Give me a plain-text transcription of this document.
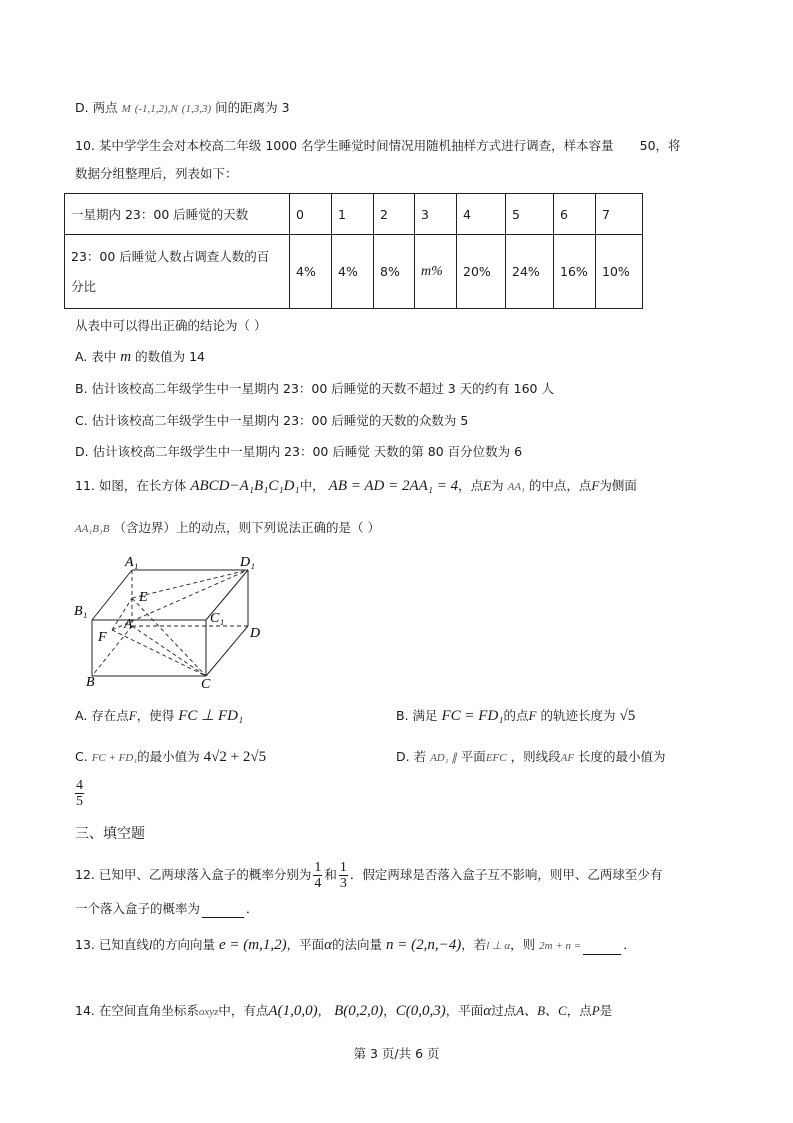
D. 两点 M (-1,1,2),N (1,3,3) 间的距离为 3
10. 某中学学生会对本校高二年级 1000 名学生睡觉时间情况用随机抽样方式进行调查，样本容量 50，将
数据分组整理后，列表如下：
一星期内 23：00 后睡觉的天数	0	1	2	3	4	5	6	7
23：00 后睡觉人数占调查人数的百
分比	4%	4%	8%	m%	20%	24%	16%	10%
从表中可以得出正确的结论为（ ）
A. 表中 m 的数值为 14
B. 估计该校高二年级学生中一星期内 23：00 后睡觉的天数不超过 3 天的约有 160 人
C. 估计该校高二年级学生中一星期内 23：00 后睡觉的天数的众数为 5
D. 估计该校高二年级学生中一星期内 23：00 后睡觉 天数的第 80 百分位数为 6
11. 如图，在长方体 ABCD−A₁B₁C₁D₁中， AB = AD = 2AA₁ = 4，点E为 AA₁ 的中点，点F为侧面
AA₁B₁B （含边界）上的动点，则下列说法正确的是（ ）
A₁	D₁
E
B₁	C₁
D
F
A
B	C
A. 存在点F，使得 FC ⊥ FD₁	B. 满足 FC = FD₁的点F 的轨迹长度为 √5
C. FC + FD₁的最小值为 4√2 + 2√5	D. 若 AD₁ ∥ 平面EFC ，则线段AF 长度的最小值为
$\frac{4}{5}$
三、填空题
12. 已知甲、乙两球落入盒子的概率分别为 $\frac{1}{4}$ 和 $\frac{1}{3}$ ．假定两球是否落入盒子互不影响，则甲、乙两球至少有
一个落入盒子的概率为	．
13. 已知直线l的方向向量 e = (m,1,2)，平面α的法向量 n = (2,n,−4)，若l ⊥ α，则 2m + n =	．
14. 在空间直角坐标系oxyz中，有点A(1,0,0)， B(0,2,0)，C(0,0,3)，平面α过点A、B、C，点P是
第 3 页/共 6 页
